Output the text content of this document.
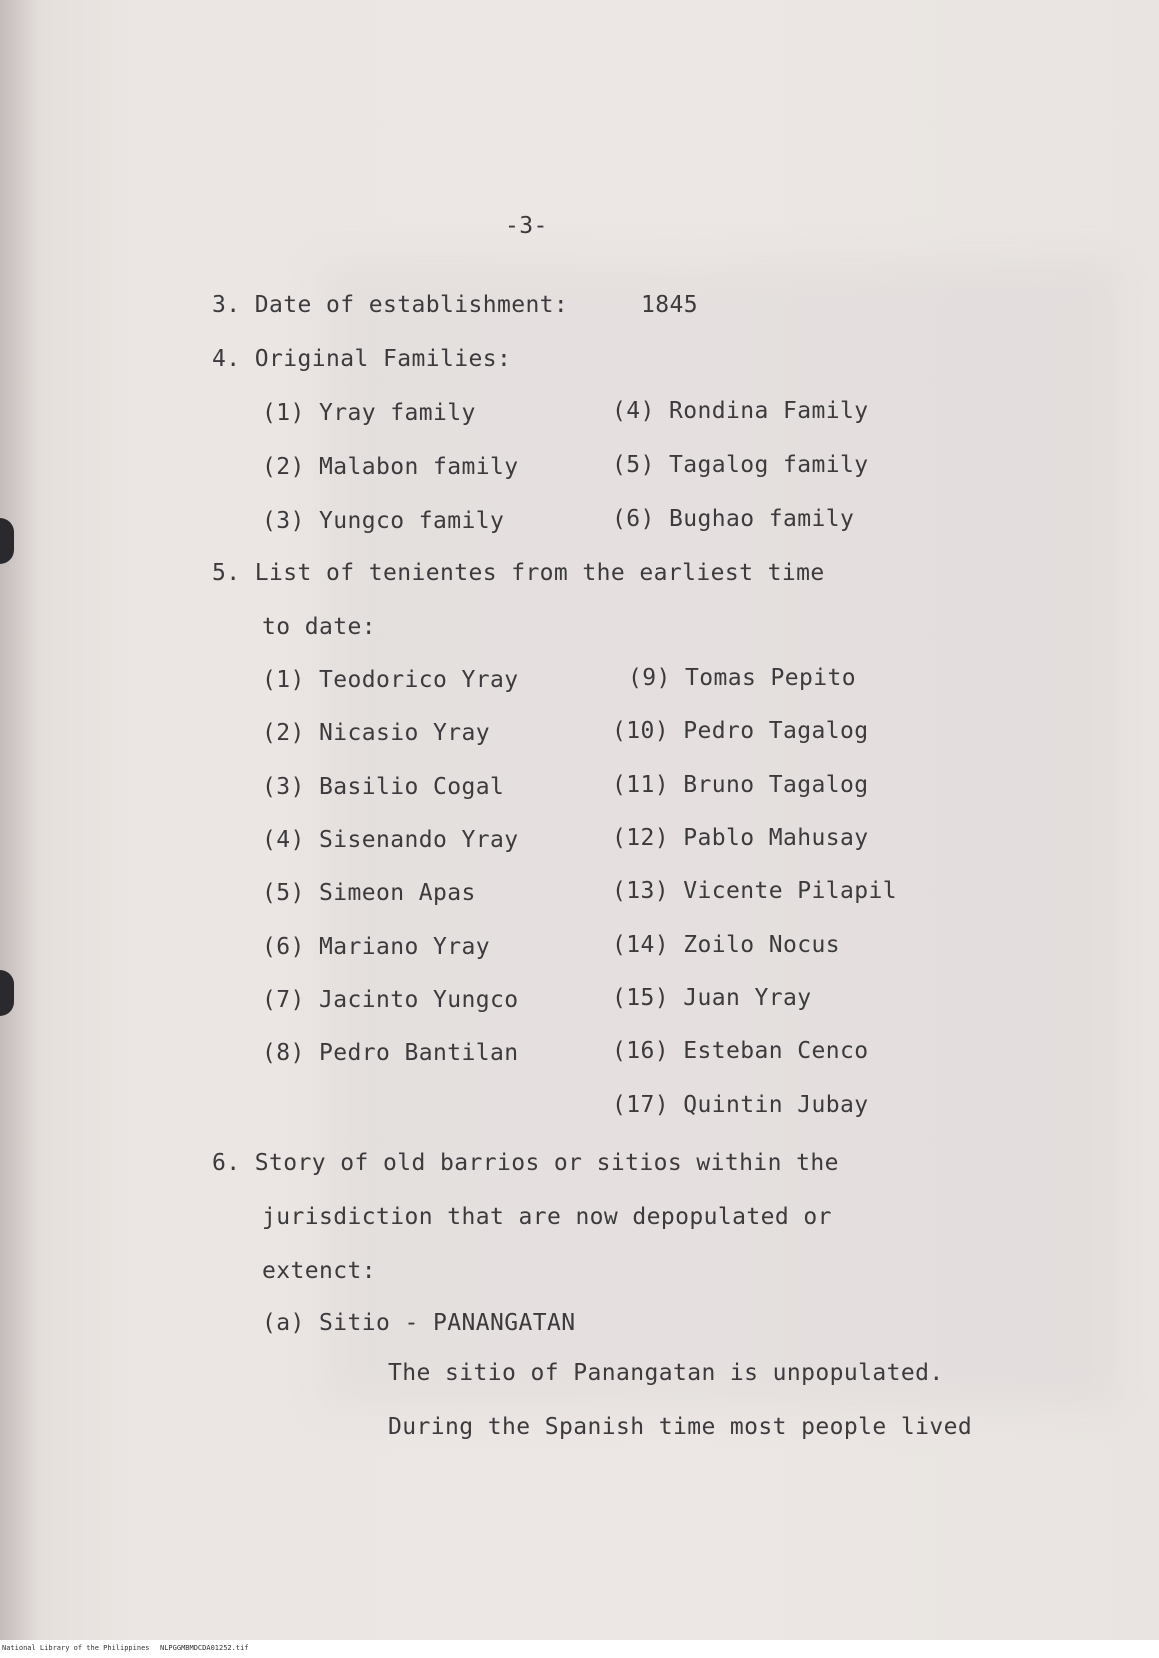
-3-
3. Date of establishment:	1845
4. Original Families:
(1) Yray family
(2) Malabon family
(3) Yungco family
(4) Rondina Family
(5) Tagalog family
(6) Bughao family
5. List of tenientes from the earliest time
to date:
(1) Teodorico Yray
(2) Nicasio Yray
(3) Basilio Cogal
(4) Sisenando Yray
(5) Simeon Apas
(6) Mariano Yray
(7) Jacinto Yungco
(8) Pedro Bantilan
(9) Tomas Pepito
(10) Pedro Tagalog
(11) Bruno Tagalog
(12) Pablo Mahusay
(13) Vicente Pilapil
(14) Zoilo Nocus
(15) Juan Yray
(16) Esteban Cenco
(17) Quintin Jubay
6. Story of old barrios or sitios within the
jurisdiction that are now depopulated or
extenct:
(a) Sitio - PANANGATAN
The sitio of Panangatan is unpopulated.
During the Spanish time most people lived
National Library of the Philippines NLPGGMBMDCDA01252.tif
